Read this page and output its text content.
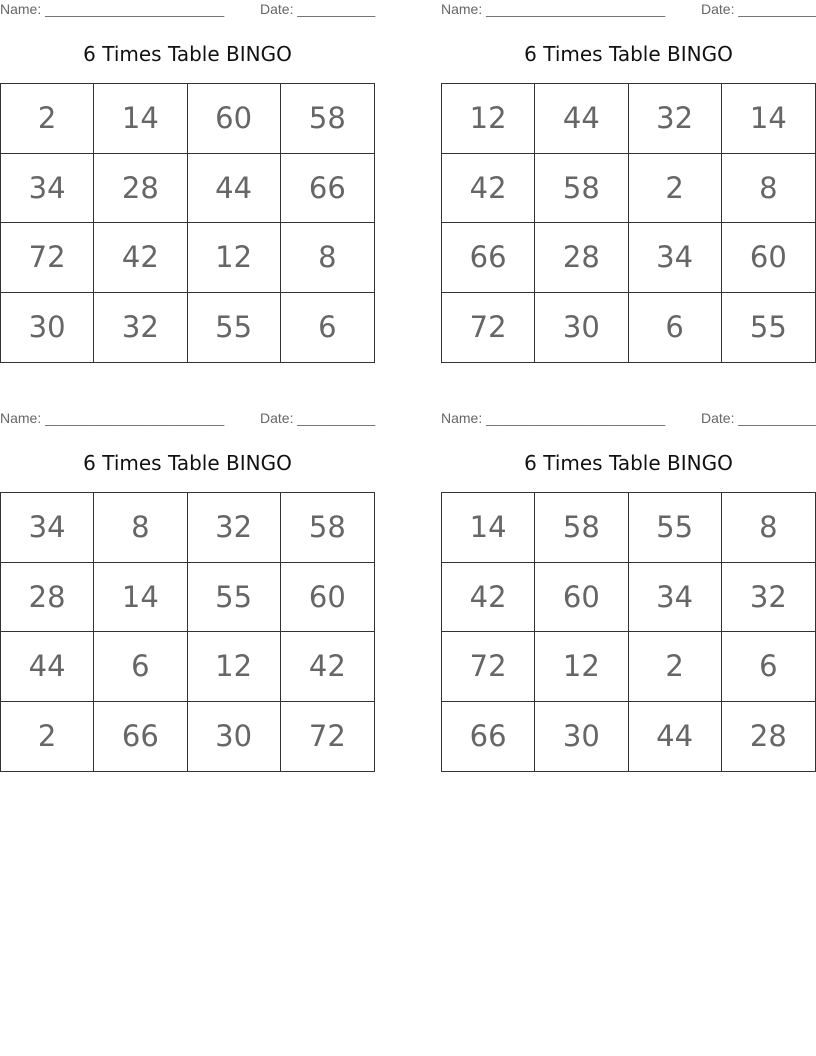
Name: _______________________	Date: __________
6 Times Table BINGO
2	14	60	58
34	28	44	66
72	42	12	8
30	32	55	6
Name: _______________________	Date: __________
6 Times Table BINGO
12	44	32	14
42	58	2	8
66	28	34	60
72	30	6	55
Name: _______________________	Date: __________
6 Times Table BINGO
34	8	32	58
28	14	55	60
44	6	12	42
2	66	30	72
Name: _______________________	Date: __________
6 Times Table BINGO
14	58	55	8
42	60	34	32
72	12	2	6
66	30	44	28
